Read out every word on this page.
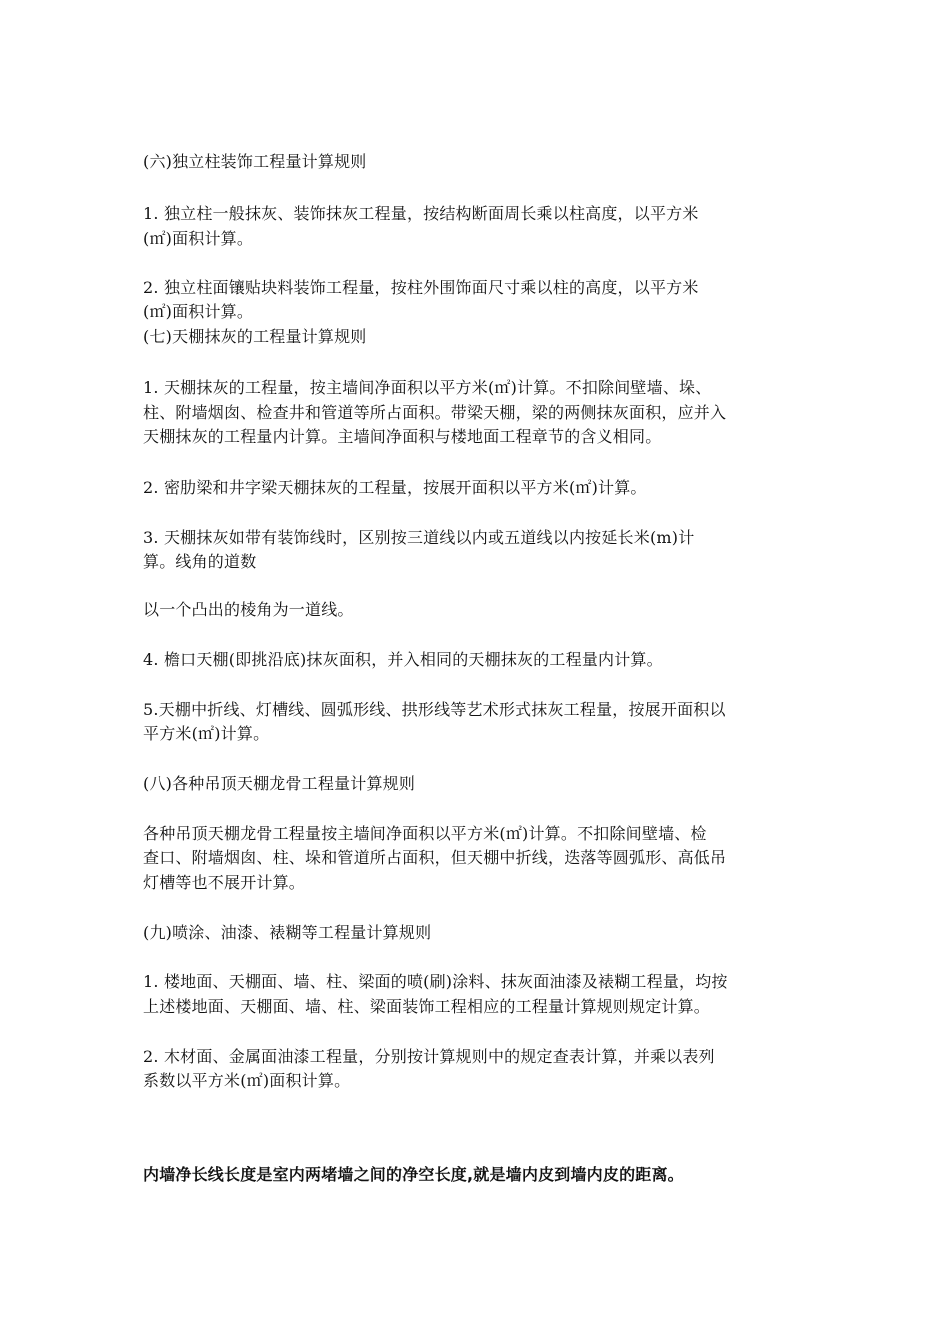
(六)独立柱装饰工程量计算规则
1. 独立柱一般抹灰、装饰抹灰工程量，按结构断面周长乘以柱高度，以平方米
(㎡)面积计算。
2. 独立柱面镶贴块料装饰工程量，按柱外围饰面尺寸乘以柱的高度，以平方米
(㎡)面积计算。
(七)天棚抹灰的工程量计算规则
1. 天棚抹灰的工程量，按主墙间净面积以平方米(㎡)计算。不扣除间壁墙、垛、
柱、附墙烟囱、检查井和管道等所占面积。带梁天棚，梁的两侧抹灰面积，应并入
天棚抹灰的工程量内计算。主墙间净面积与楼地面工程章节的含义相同。
2. 密肋梁和井字梁天棚抹灰的工程量，按展开面积以平方米(㎡)计算。
3. 天棚抹灰如带有装饰线时，区别按三道线以内或五道线以内按延长米(m)计
算。线角的道数
以一个凸出的棱角为一道线。
4. 檐口天棚(即挑沿底)抹灰面积，并入相同的天棚抹灰的工程量内计算。
5.天棚中折线、灯槽线、圆弧形线、拱形线等艺术形式抹灰工程量，按展开面积以
平方米(㎡)计算。
(八)各种吊顶天棚龙骨工程量计算规则
各种吊顶天棚龙骨工程量按主墙间净面积以平方米(㎡)计算。不扣除间壁墙、检
查口、附墙烟囱、柱、垛和管道所占面积，但天棚中折线，迭落等圆弧形、高低吊
灯槽等也不展开计算。
(九)喷涂、油漆、裱糊等工程量计算规则
1. 楼地面、天棚面、墙、柱、梁面的喷(刷)涂料、抹灰面油漆及裱糊工程量，均按
上述楼地面、天棚面、墙、柱、梁面装饰工程相应的工程量计算规则规定计算。
2. 木材面、金属面油漆工程量，分别按计算规则中的规定查表计算，并乘以表列
系数以平方米(㎡)面积计算。
内墙净长线长度是室内两堵墙之间的净空长度,就是墙内皮到墙内皮的距离。
